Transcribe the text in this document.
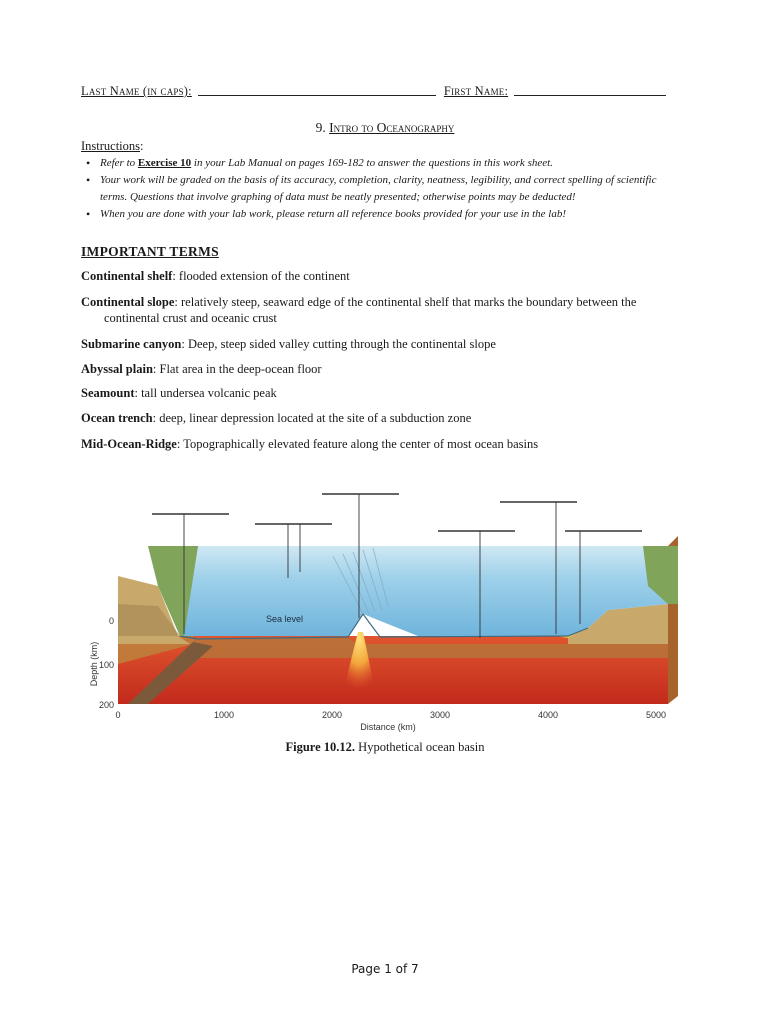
Last Name (in caps):	First Name:
9. Intro to Oceanography
Instructions:
• Refer to Exercise 10 in your Lab Manual on pages 169-182 to answer the questions in this work sheet.
• Your work will be graded on the basis of its accuracy, completion, clarity, neatness, legibility, and correct spelling of scientific terms. Questions that involve graphing of data must be neatly presented; otherwise points may be deducted!
• When you are done with your lab work, please return all reference books provided for your use in the lab!
IMPORTANT TERMS
Continental shelf: flooded extension of the continent
Continental slope: relatively steep, seaward edge of the continental shelf that marks the boundary between the continental crust and oceanic crust
Submarine canyon: Deep, steep sided valley cutting through the continental slope
Abyssal plain: Flat area in the deep-ocean floor
Seamount: tall undersea volcanic peak
Ocean trench: deep, linear depression located at the site of a subduction zone
Mid-Ocean-Ridge: Topographically elevated feature along the center of most ocean basins
Sea level
Depth (km)
0
100
200
0	1000	2000	3000	4000	5000
Distance (km)
Figure 10.12. Hypothetical ocean basin
Page 1 of 7
